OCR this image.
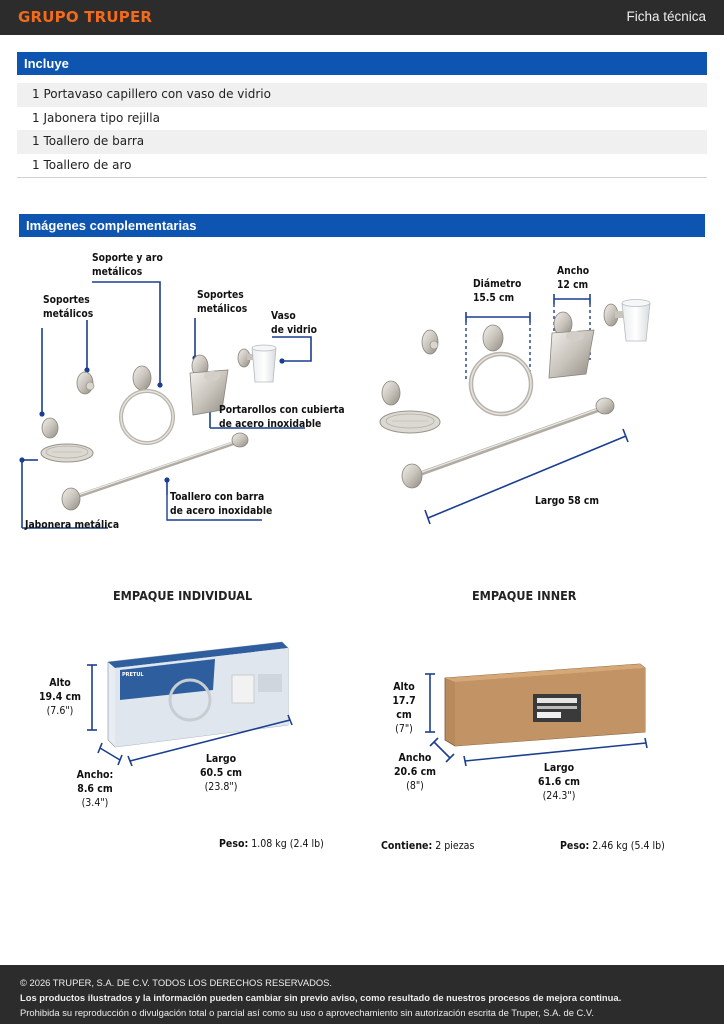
GRUPO TRUPER	Ficha técnica
Incluye
1 Portavaso capillero con vaso de vidrio
1 Jabonera tipo rejilla
1 Toallero de barra
1 Toallero de aro
Imágenes complementarias
Soporte y aro
metálicos
Soportes
metálicos
Soportes
metálicos
Vaso
de vidrio
Portarollos con cubierta
de acero inoxidable
Toallero con barra
de acero inoxidable
Jabonera metálica
Diámetro
15.5 cm
Ancho
12 cm
Largo 58 cm
EMPAQUE INDIVIDUAL	EMPAQUE INNER
PRETUL
Alto
19.4 cm
(7.6")
Ancho:
8.6 cm
(3.4")
Largo
60.5 cm
(23.8")
Alto
17.7 cm
(7")
Ancho
20.6 cm
(8")
Largo
61.6 cm
(24.3")
Peso: 1.08 kg (2.4 lb)	Contiene: 2 piezas	Peso: 2.46 kg (5.4 lb)
© 2026 TRUPER, S.A. DE C.V. TODOS LOS DERECHOS RESERVADOS.
Los productos ilustrados y la información pueden cambiar sin previo aviso, como resultado de nuestros procesos de mejora continua.
Prohibida su reproducción o divulgación total o parcial así como su uso o aprovechamiento sin autorización escrita de Truper, S.A. de C.V.
